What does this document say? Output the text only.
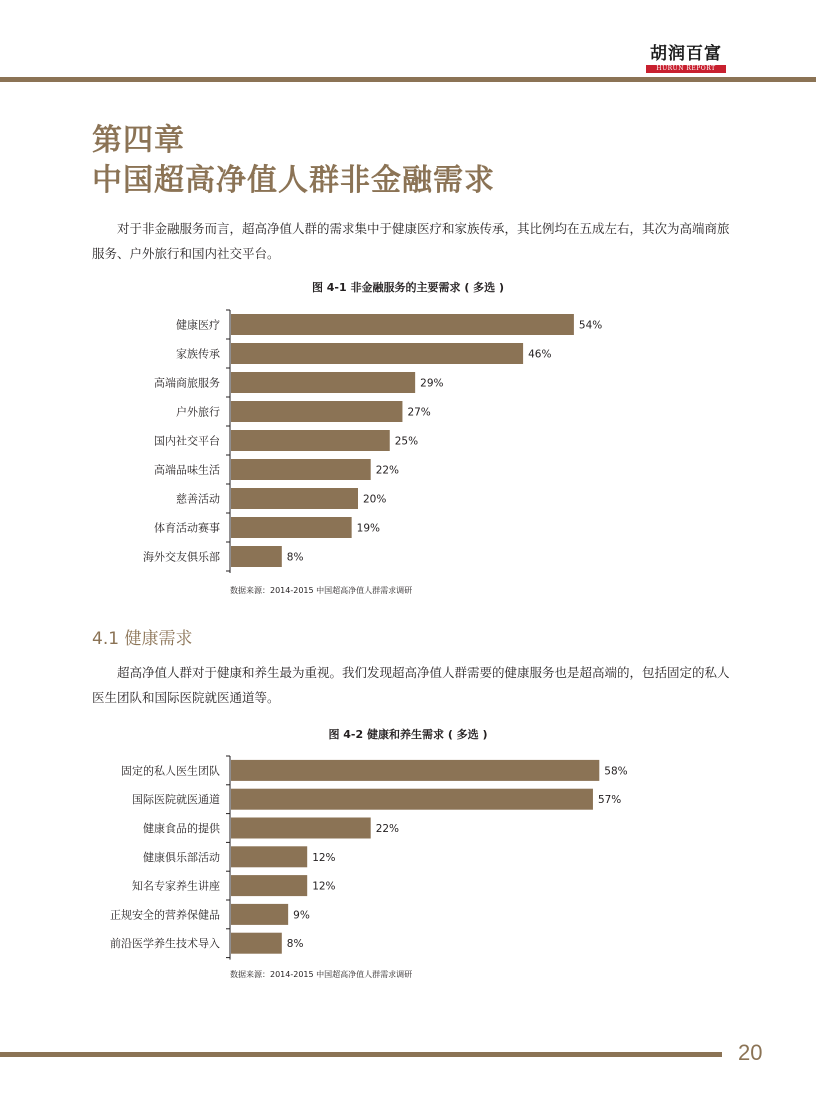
胡润百富
HURUN REPORT
第四章
中国超高净值人群非金融需求
对于非金融服务而言，超高净值人群的需求集中于健康医疗和家族传承，其比例均在五成左右，其次为高端商旅服务、户外旅行和国内社交平台。
图 4-1 非金融服务的主要需求 ( 多选 )
健康医疗	54%
家族传承	46%
高端商旅服务	29%
户外旅行	27%
国内社交平台	25%
高端品味生活	22%
慈善活动	20%
体育活动赛事	19%
海外交友俱乐部	8%
数据来源：2014-2015 中国超高净值人群需求调研
4.1 健康需求
超高净值人群对于健康和养生最为重视。我们发现超高净值人群需要的健康服务也是超高端的，包括固定的私人医生团队和国际医院就医通道等。
图 4-2 健康和养生需求 ( 多选 )
固定的私人医生团队	58%
国际医院就医通道	57%
健康食品的提供	22%
健康俱乐部活动	12%
知名专家养生讲座	12%
正规安全的营养保健品	9%
前沿医学养生技术导入	8%
数据来源：2014-2015 中国超高净值人群需求调研
20
